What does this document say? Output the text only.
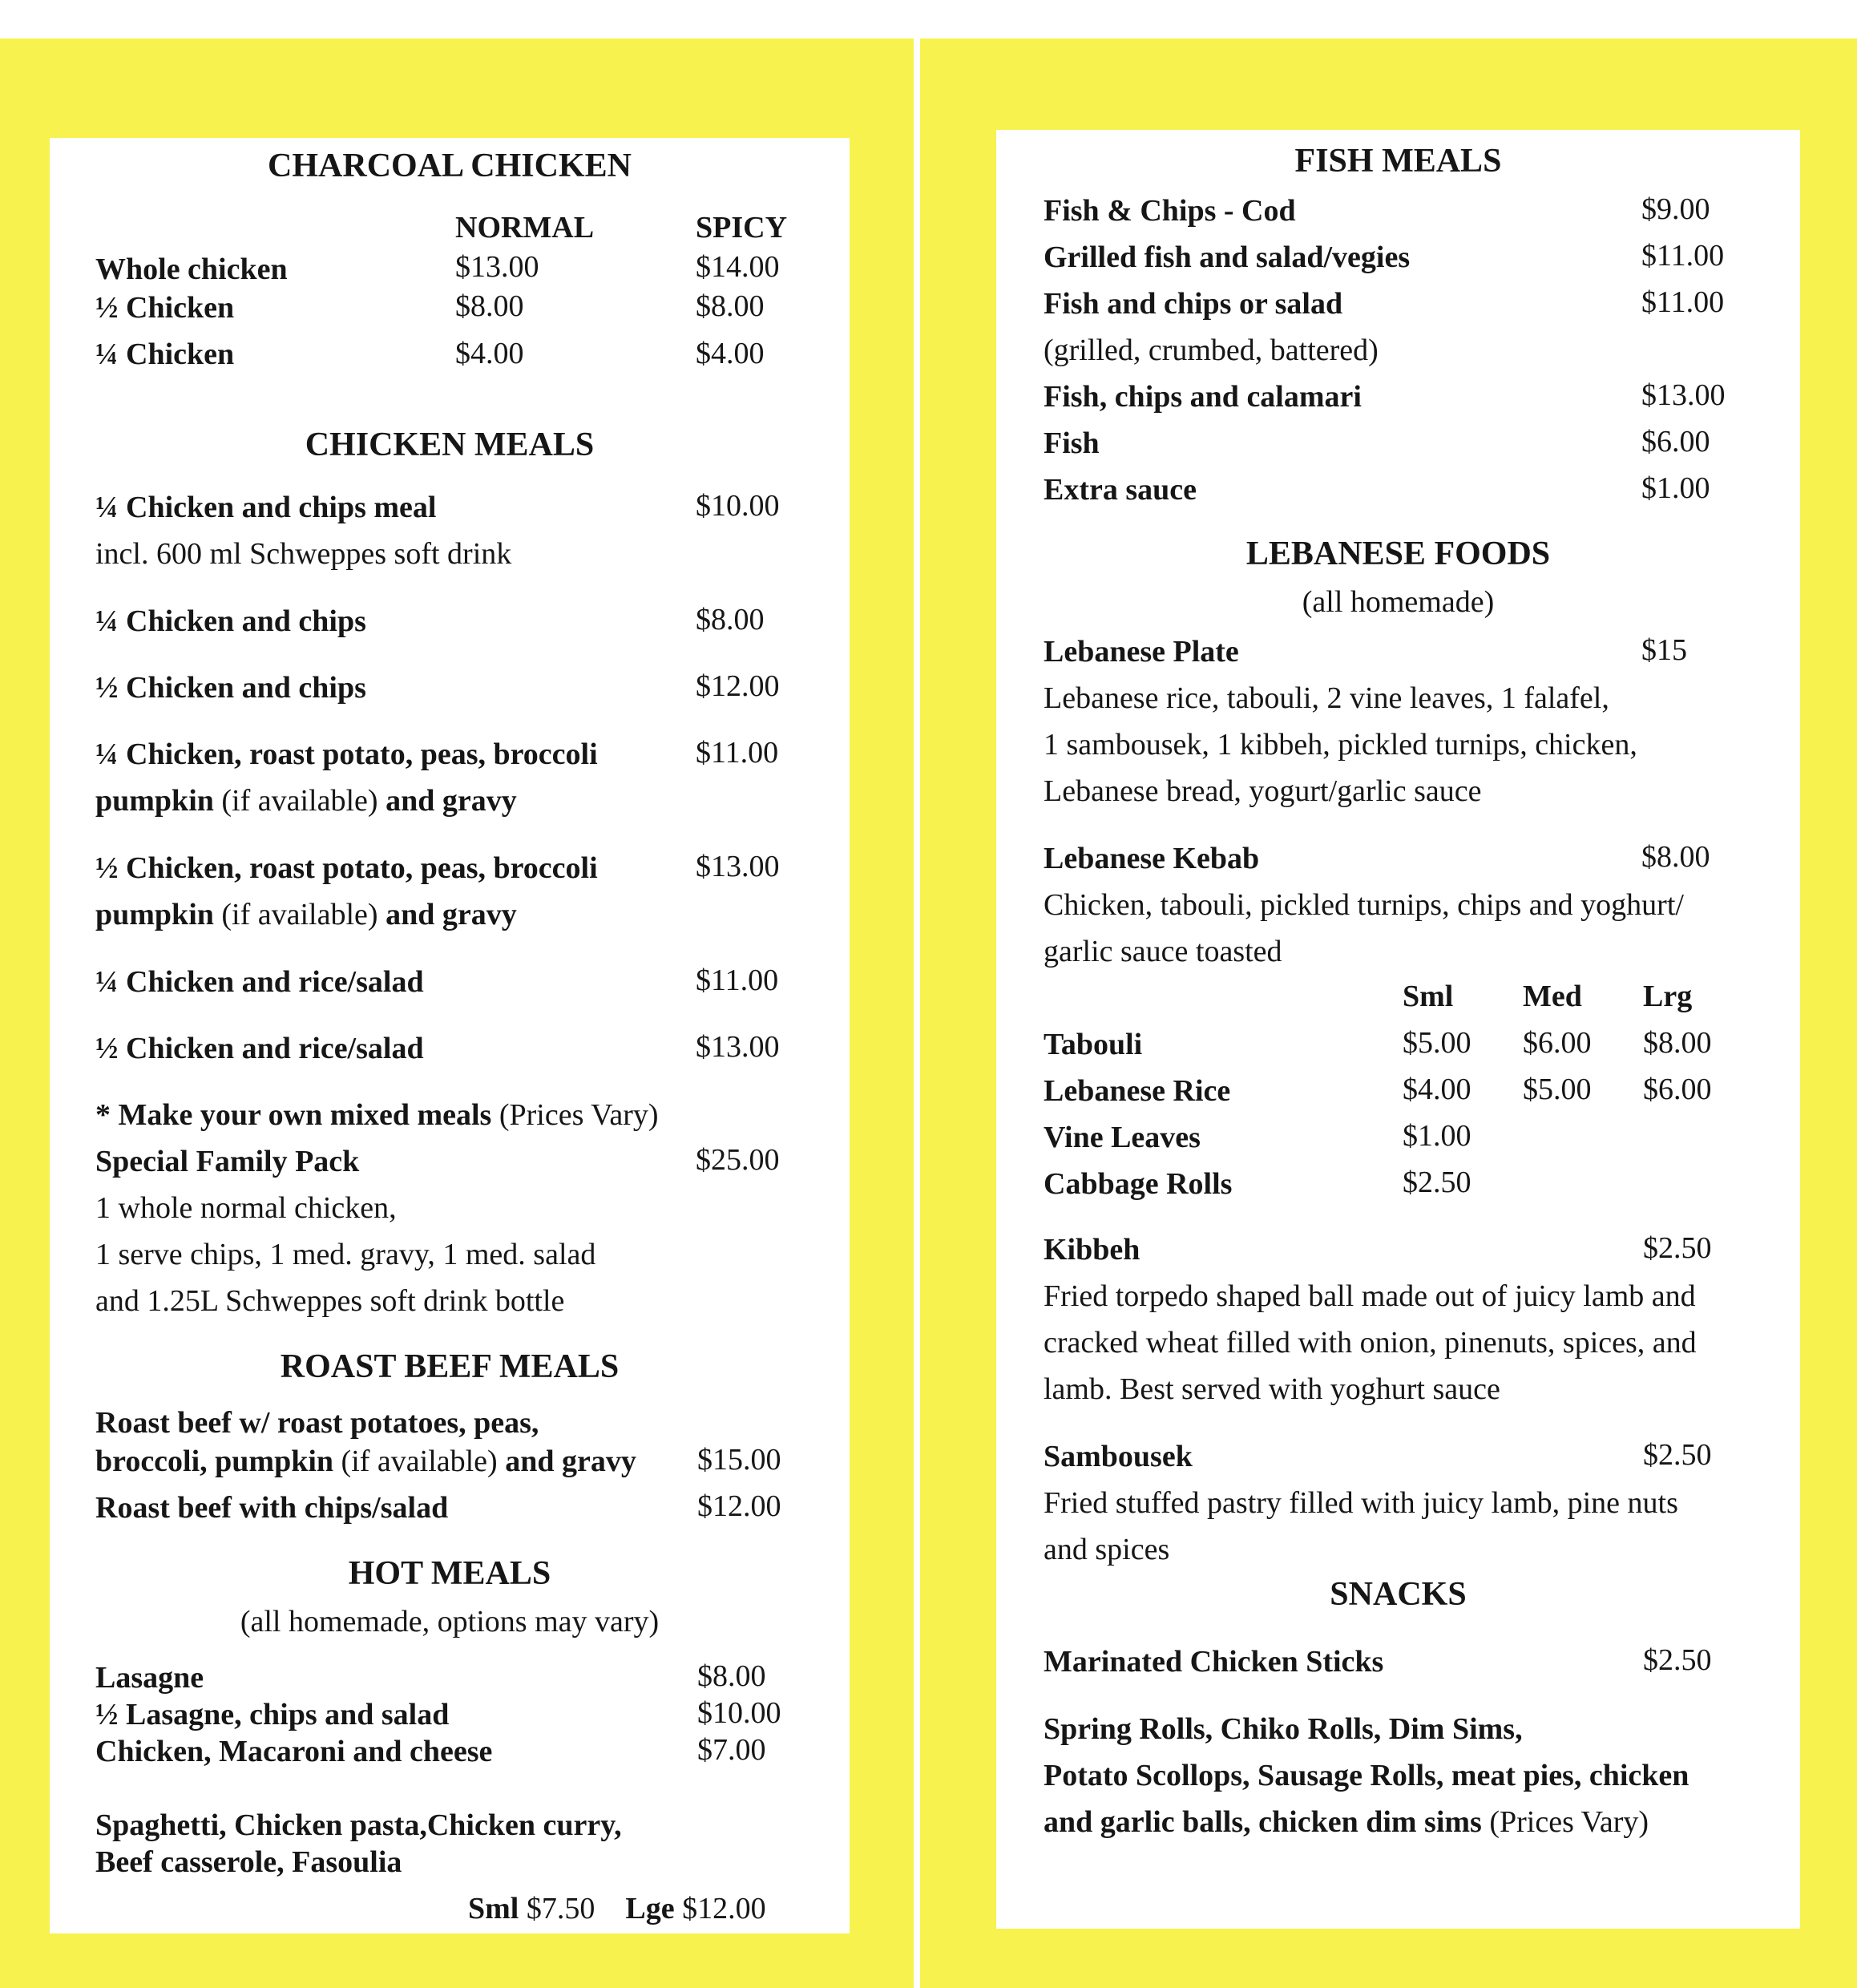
CHARCOAL CHICKEN
NORMAL	SPICY
Whole chicken	$13.00	$14.00
½ Chicken	$8.00	$8.00
¼ Chicken	$4.00	$4.00
CHICKEN MEALS
¼ Chicken and chips meal	$10.00
incl. 600 ml Schweppes soft drink
¼ Chicken and chips	$8.00
½ Chicken and chips	$12.00
¼ Chicken, roast potato, peas, broccoli	$11.00
pumpkin (if available) and gravy
½ Chicken, roast potato, peas, broccoli	$13.00
pumpkin (if available) and gravy
¼ Chicken and rice/salad	$11.00
½ Chicken and rice/salad	$13.00
* Make your own mixed meals (Prices Vary)
Special Family Pack	$25.00
1 whole normal chicken,
1 serve chips, 1 med. gravy, 1 med. salad
and 1.25L Schweppes soft drink bottle
ROAST BEEF MEALS
Roast beef w/ roast potatoes, peas,
broccoli, pumpkin (if available) and gravy $15.00
Roast beef with chips/salad	$12.00
HOT MEALS
(all homemade, options may vary)
Lasagne	$8.00
½ Lasagne, chips and salad	$10.00
Chicken, Macaroni and cheese	$7.00
Spaghetti, Chicken pasta,Chicken curry,
Beef casserole, Fasoulia
Sml $7.50 Lge $12.00
FISH MEALS
Fish & Chips - Cod	$9.00
Grilled fish and salad/vegies	$11.00
Fish and chips or salad	$11.00
(grilled, crumbed, battered)
Fish, chips and calamari	$13.00
Fish	$6.00
Extra sauce	$1.00
LEBANESE FOODS
(all homemade)
Lebanese Plate	$15
Lebanese rice, tabouli, 2 vine leaves, 1 falafel,
1 sambousek, 1 kibbeh, pickled turnips, chicken,
Lebanese bread, yogurt/garlic sauce
Lebanese Kebab	$8.00
Chicken, tabouli, pickled turnips, chips and yoghurt/
garlic sauce toasted
Sml Med Lrg
Tabouli	$5.00 $6.00 $8.00
Lebanese Rice	$4.00 $5.00 $6.00
Vine Leaves	$1.00
Cabbage Rolls	$2.50
Kibbeh	$2.50
Fried torpedo shaped ball made out of juicy lamb and
cracked wheat filled with onion, pinenuts, spices, and
lamb. Best served with yoghurt sauce
Sambousek	$2.50
Fried stuffed pastry filled with juicy lamb, pine nuts
and spices
SNACKS
Marinated Chicken Sticks	$2.50
Spring Rolls, Chiko Rolls, Dim Sims,
Potato Scollops, Sausage Rolls, meat pies, chicken
and garlic balls, chicken dim sims (Prices Vary)
